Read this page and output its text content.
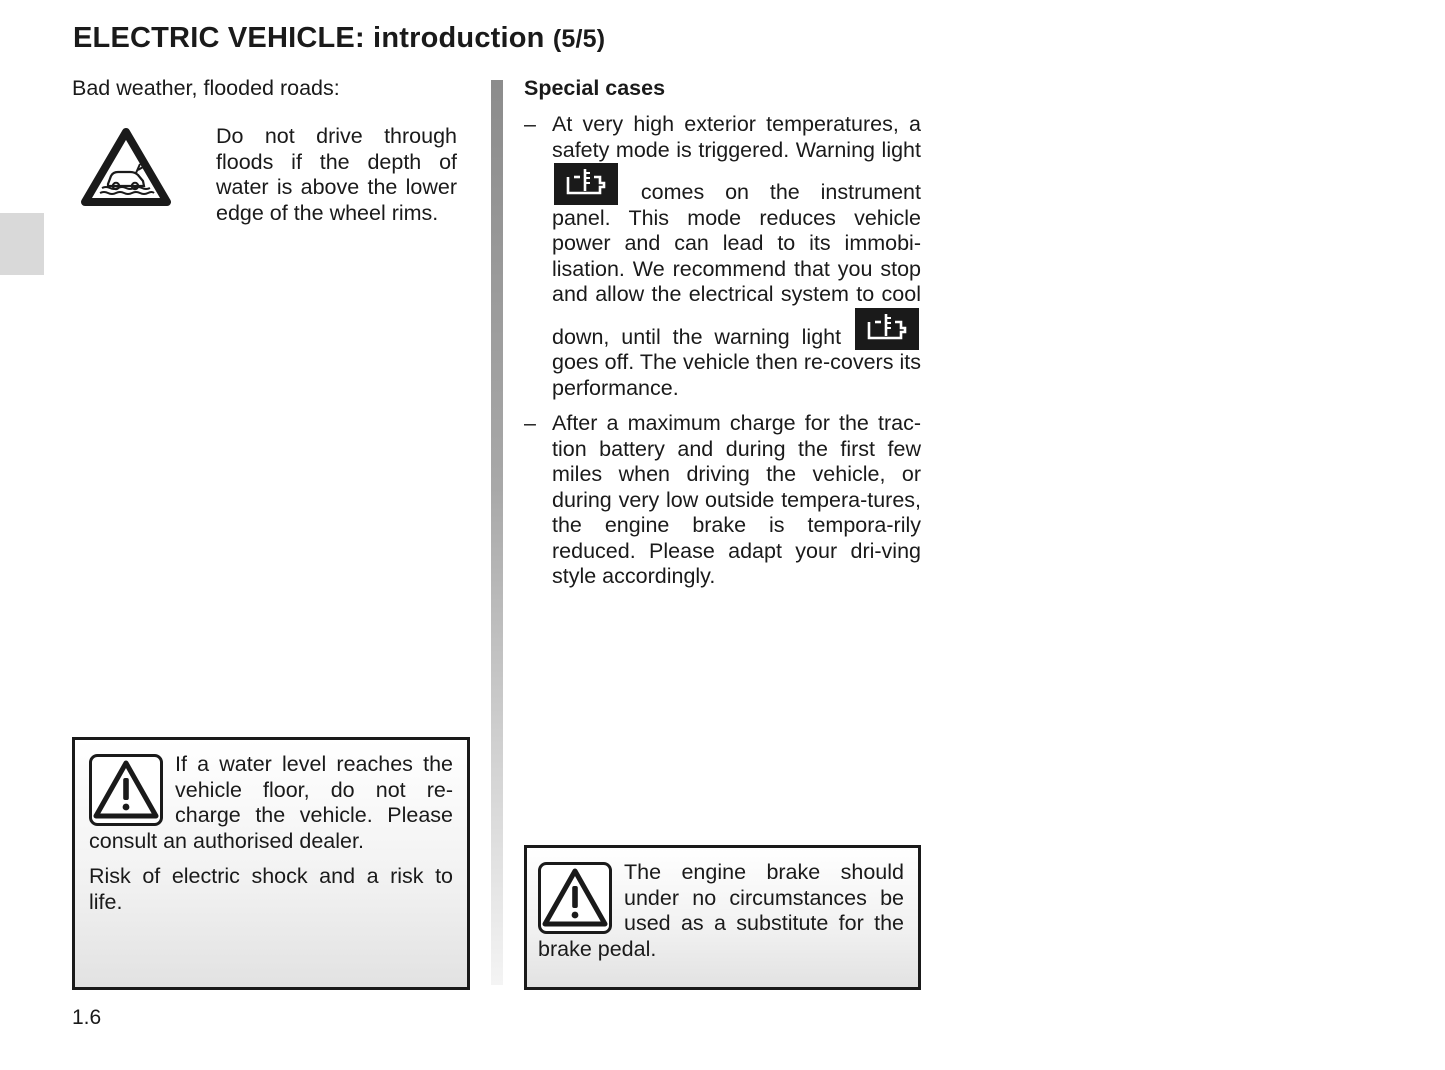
ELECTRIC VEHICLE: introduction (5/5)
Bad weather, flooded roads:
Do not drive through floods if the depth of water is above the lower edge of the wheel rims.

If a water level reaches the vehicle floor, do not re-charge the vehicle. Please consult an authorised dealer.

Risk of electric shock and a risk to life.

Special cases
– At very high exterior temperatures, a safety mode is triggered. Warning light
comes on the instrument panel. This mode reduces vehicle power and can lead to its immobi-lisation. We recommend that you stop and allow the electrical system to cool down, until the warning light
goes off. The vehicle then re-covers its performance.
– After a maximum charge for the trac-tion battery and during the first few miles when driving the vehicle, or during very low outside tempera-tures, the engine brake is tempora-rily reduced. Please adapt your dri-ving style accordingly.

The engine brake should under no circumstances be used as a substitute for the brake pedal.

1.6
